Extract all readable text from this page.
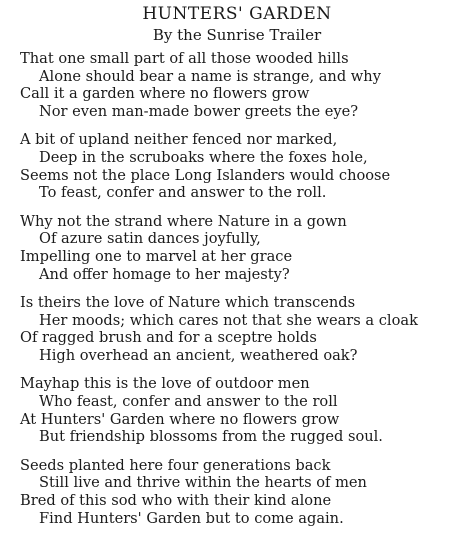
HUNTERS' GARDEN
By the Sunrise Trailer
That one small part of all those wooded hills
Alone should bear a name is strange, and why
Call it a garden where no flowers grow
Nor even man-made bower greets the eye?
A bit of upland neither fenced nor marked,
Deep in the scruboaks where the foxes hole,
Seems not the place Long Islanders would choose
To feast, confer and answer to the roll.
Why not the strand where Nature in a gown
Of azure satin dances joyfully,
Impelling one to marvel at her grace
And offer homage to her majesty?
Is theirs the love of Nature which transcends
Her moods; which cares not that she wears a cloak
Of ragged brush and for a sceptre holds
High overhead an ancient, weathered oak?
Mayhap this is the love of outdoor men
Who feast, confer and answer to the roll
At Hunters' Garden where no flowers grow
But friendship blossoms from the rugged soul.
Seeds planted here four generations back
Still live and thrive within the hearts of men
Bred of this sod who with their kind alone
Find Hunters' Garden but to come again.
